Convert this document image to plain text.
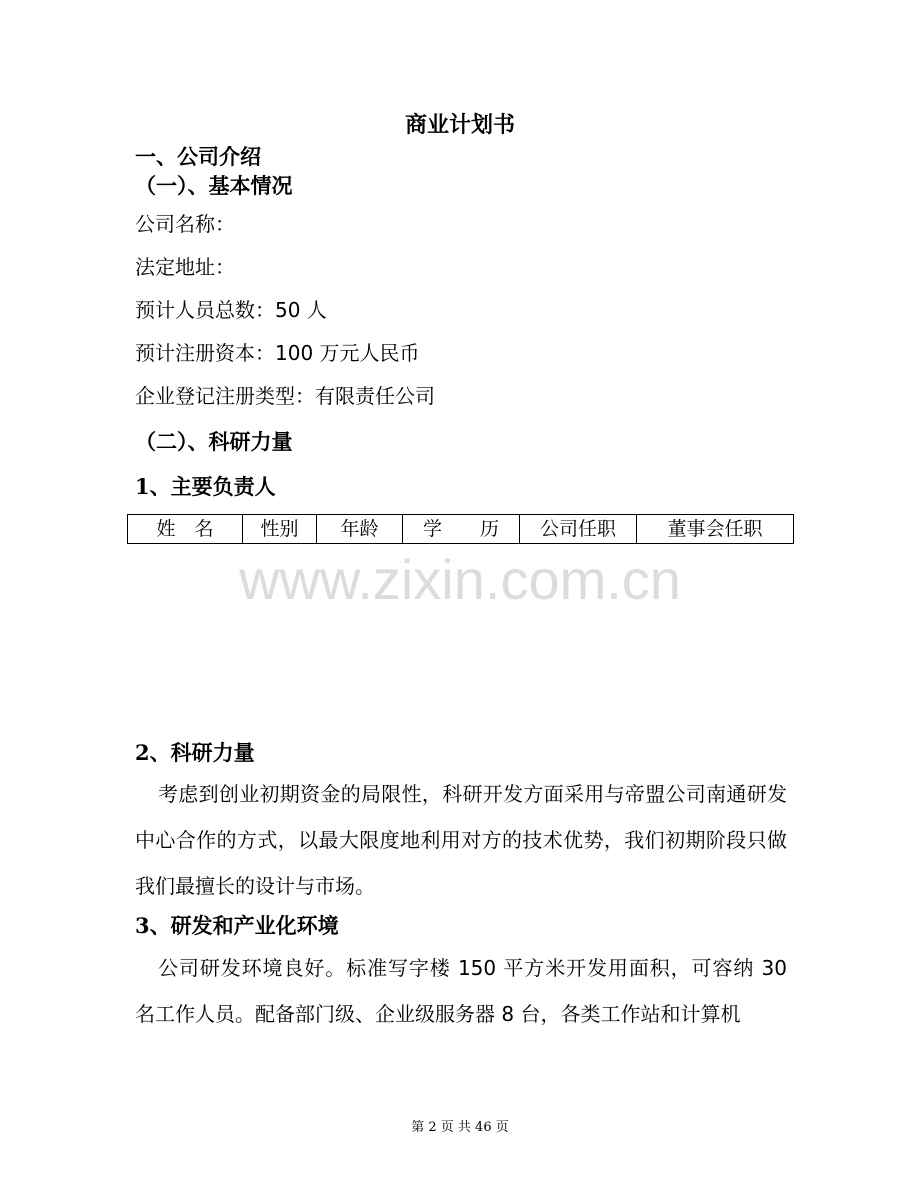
商业计划书
一、公司介绍
（一）、基本情况
公司名称：
法定地址：
预计人员总数：50 人
预计注册资本：100 万元人民币
企业登记注册类型：有限责任公司
（二）、科研力量
1、主要负责人
姓　名	性别	年龄	学　　历	公司任职	董事会任职
www.zixin.com.cn
2、科研力量
考虑到创业初期资金的局限性，科研开发方面采用与帝盟公司南通研发中心合作的方式，以最大限度地利用对方的技术优势，我们初期阶段只做我们最擅长的设计与市场。
3、研发和产业化环境
公司研发环境良好。标准写字楼 150 平方米开发用面积，可容纳 30 名工作人员。配备部门级、企业级服务器 8 台，各类工作站和计算机
第 2 页 共 46 页
